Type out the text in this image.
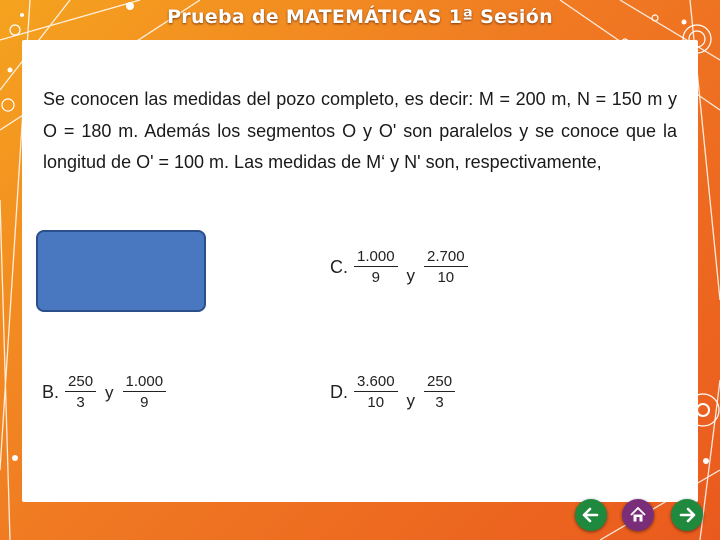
Prueba de MATEMÁTICAS 1ª Sesión
Se conocen las medidas del pozo completo, es decir: M = 200 m, N = 150 m y O = 180 m. Además los segmentos O y O' son paralelos y se conoce que la longitud de O' = 100 m. Las medidas de M‘ y N' son, respectivamente,
C. $\frac{1.000}{9}$ y $\frac{2.700}{10}$
B. $\frac{250}{3}$ y $\frac{1.000}{9}$	D. $\frac{3.600}{10}$ y $\frac{250}{3}$
